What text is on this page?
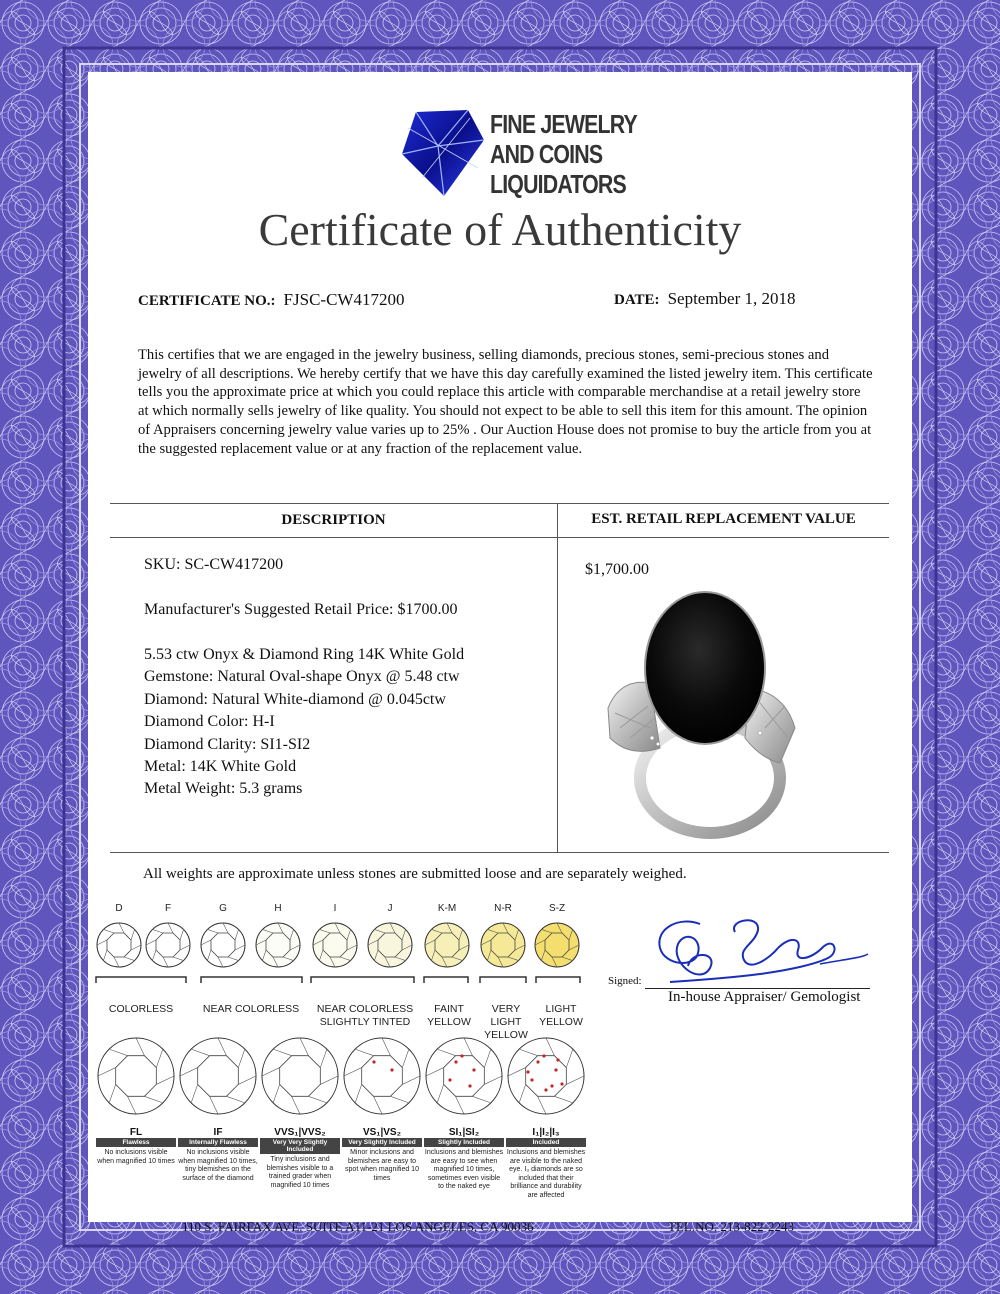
FINE JEWELRY
AND COINS
LIQUIDATORS
Certificate of Authenticity
CERTIFICATE NO.: FJSC-CW417200	DATE: September 1, 2018
This certifies that we are engaged in the jewelry business, selling diamonds, precious stones, semi-precious stones and jewelry of all descriptions. We hereby certify that we have this day carefully examined the listed jewelry item. This certificate tells you the approximate price at which you could replace this article with comparable merchandise at a retail jewelry store at which normally sells jewelry of like quality. You should not expect to be able to sell this item for this amount. The opinion of Appraisers concerning jewelry value varies up to 25% . Our Auction House does not promise to buy the article from you at the suggested replacement value or at any fraction of the replacement value.
DESCRIPTION	EST. RETAIL REPLACEMENT VALUE
SKU: SC-CW417200
Manufacturer's Suggested Retail Price: $1700.00
5.53 ctw Onyx & Diamond Ring 14K White Gold
Gemstone: Natural Oval-shape Onyx @ 5.48 ctw
Diamond: Natural White-diamond @ 0.045ctw
Diamond Color: H-I
Diamond Clarity: SI1-SI2
Metal: 14K White Gold
Metal Weight: 5.3 grams
$1,700.00
All weights are approximate unless stones are submitted loose and are separately weighed.
D	F	G	H	I	J	K-M	N-R	S-Z
COLORLESS	NEAR COLORLESS	NEAR COLORLESS
SLIGHTLY TINTED
FAINT
YELLOW
VERY LIGHT
YELLOW
LIGHT
YELLOW
FL
Flawless
No inclusions visible when magnified 10 times
IF
Internally Flawless
No inclusions visible when magnified 10 times, tiny blemishes on the surface of the diamond
VVS₁|VVS₂
Very Very Slightly Included
Tiny inclusions and blemishes visible to a trained grader when magnified 10 times
VS₁|VS₂
Very Slightly Included
Minor inclusions and blemishes are easy to spot when magnified 10 times
SI₁|SI₂
Slightly Included
Inclusions and blemishes are easy to see when magnified 10 times, sometimes even visible to the naked eye
I₁|I₂|I₃
Included
Inclusions and blemishes are visible to the naked eye. I₃ diamonds are so included that their brilliance and durability are affected
Signed:
In-house Appraiser/ Gemologist
110 S. FAIRFAX AVE. SUITE A11-21 LOS ANGELES, CA 90036	TEL.NO. 213-822-2243
